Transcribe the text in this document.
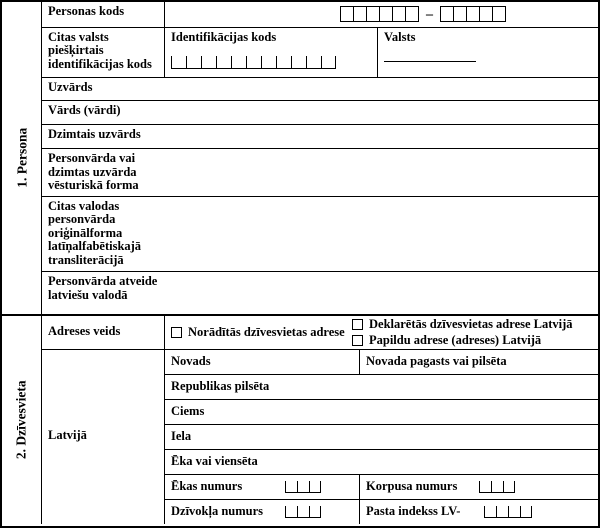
1. Persona
Personas kods	–
Citas valsts piešķirtais identifikācijas kods
Identifikācijas kods	Valsts
Uzvārds
Vārds (vārdi)
Dzimtais uzvārds
Personvārda vai dzimtas uzvārda vēsturiskā forma
Citas valodas personvārda oriģinālforma latīņalfabētiskajā transliterācijā
Personvārda atveide latviešu valodā
2. Dzīvesvieta
Adreses veids	Norādītās dzīvesvietas adrese
Deklarētās dzīvesvietas adrese Latvijā
Papildu adrese (adreses) Latvijā
Latvijā
Novads	Novada pagasts vai pilsēta
Republikas pilsēta
Ciems
Iela
Ēka vai viensēta
Ēkas numurs	Korpusa numurs
Dzīvokļa numurs	Pasta indekss LV-
